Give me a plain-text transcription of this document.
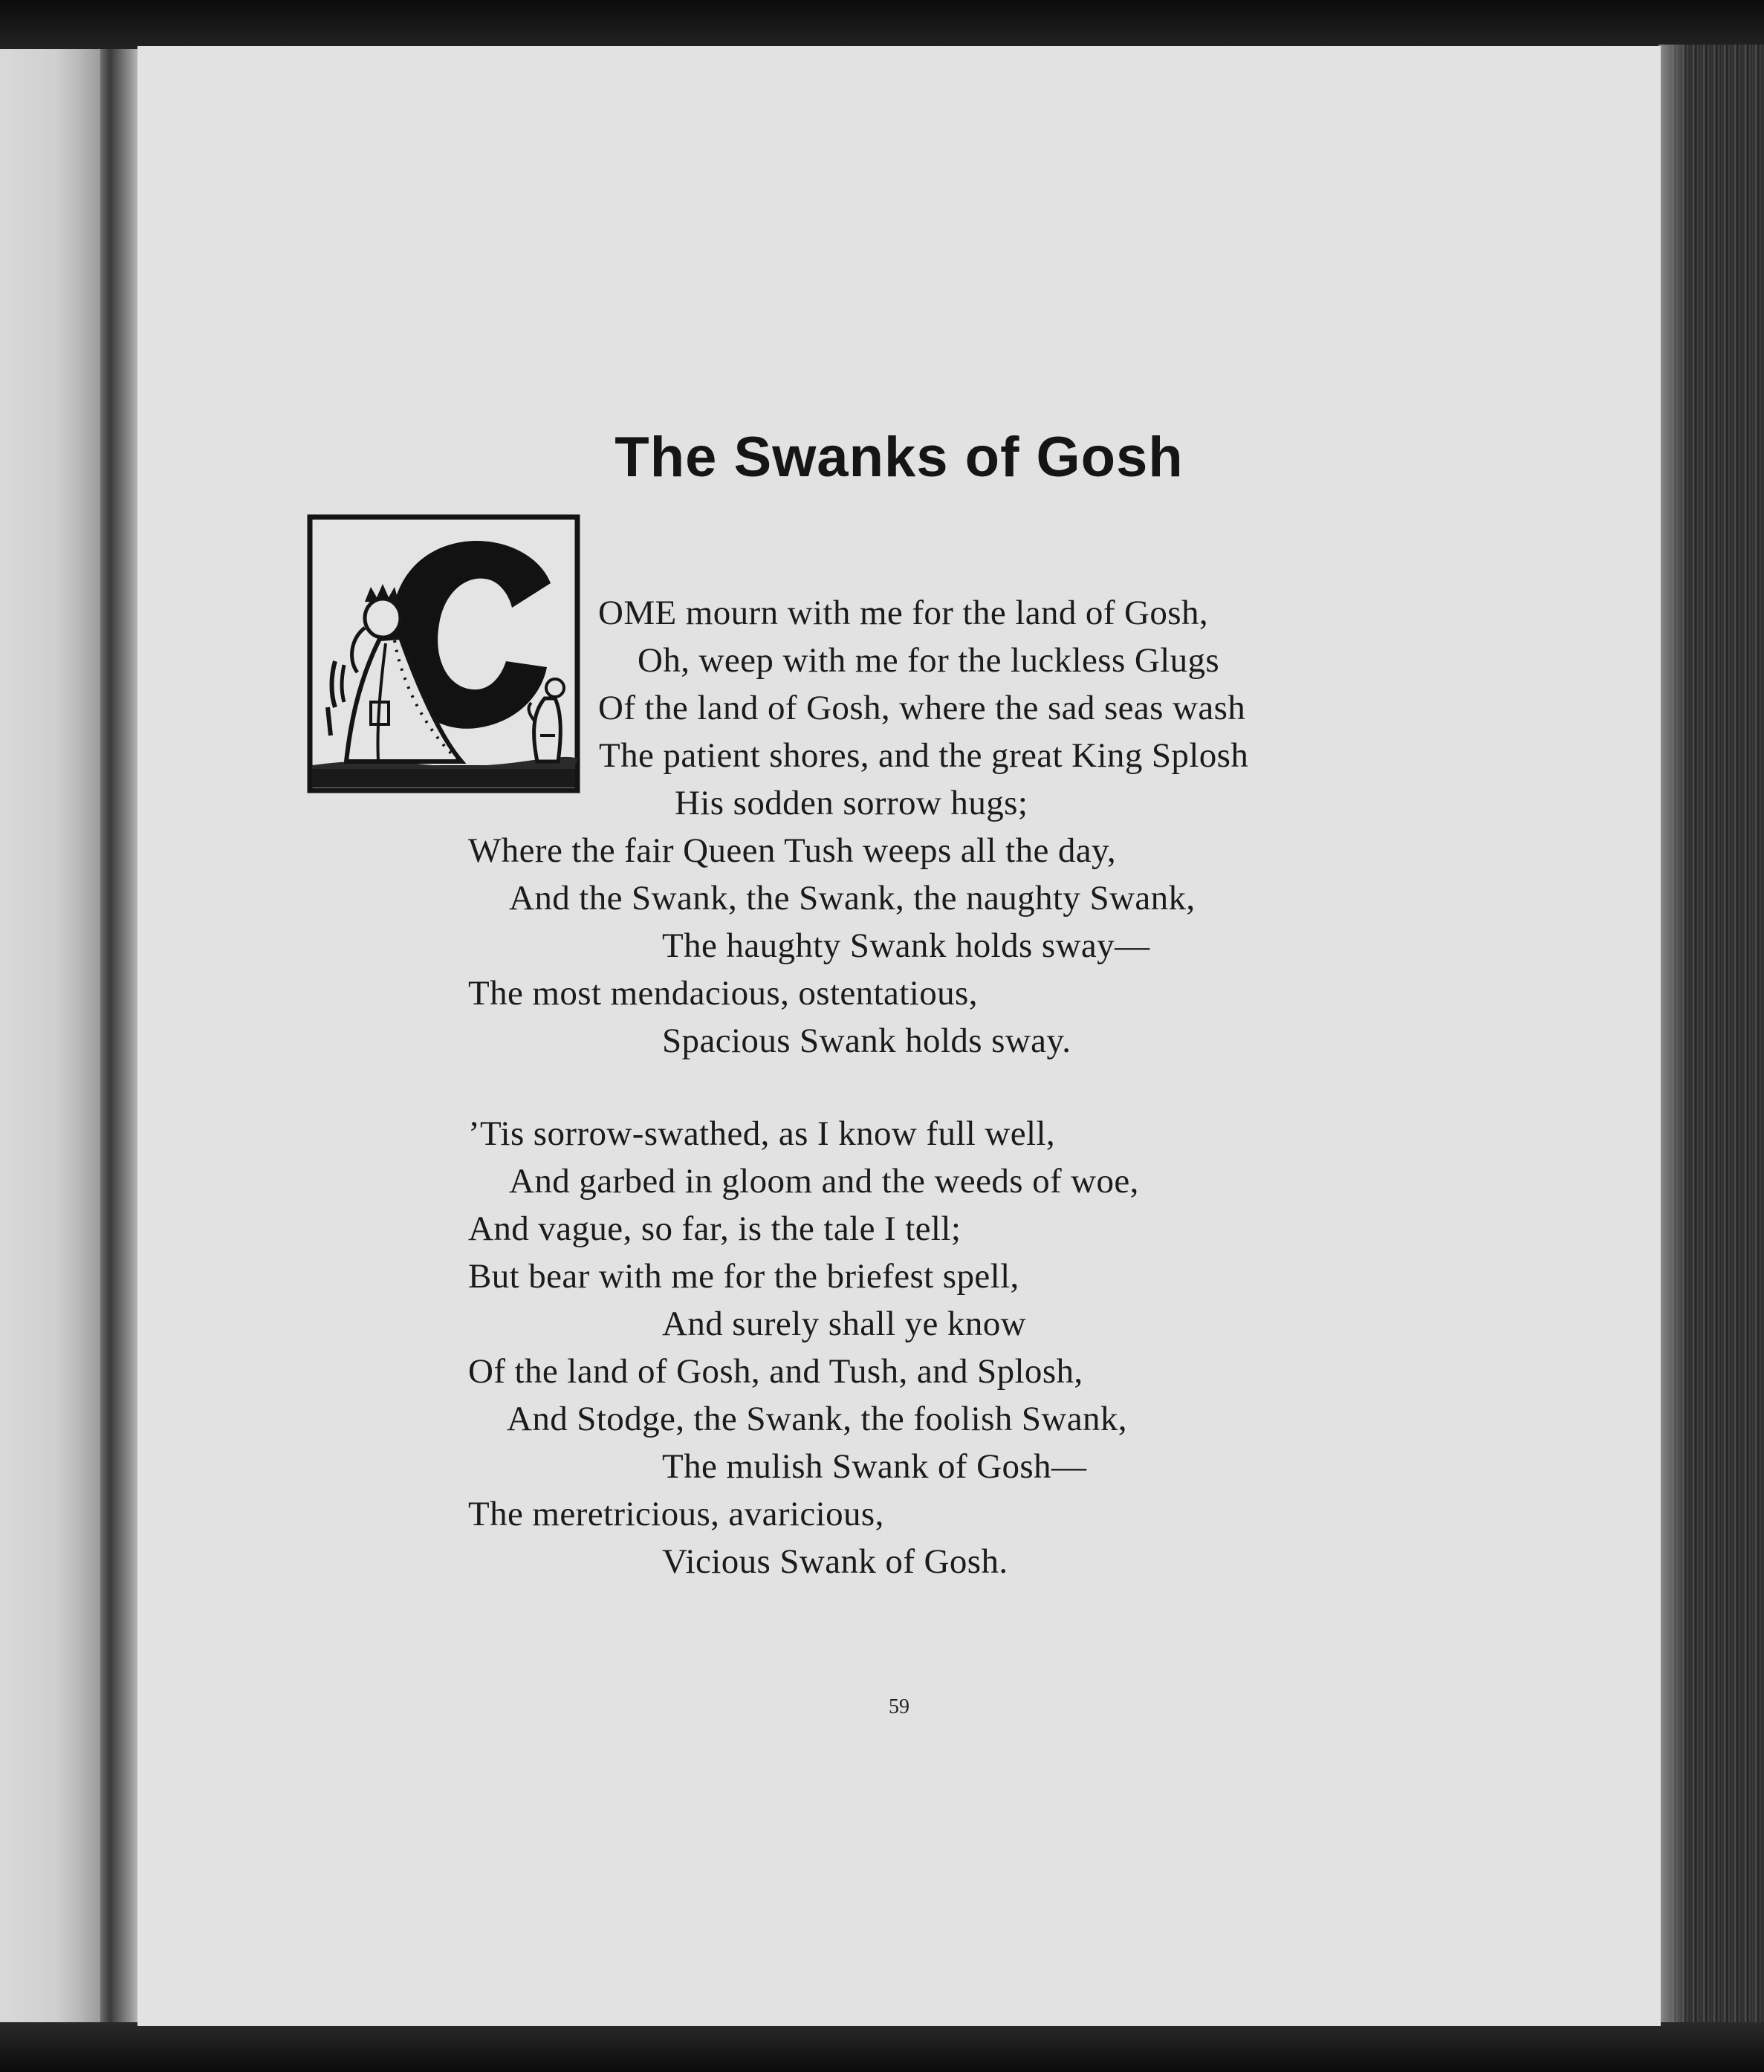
The Swanks of Gosh
OME mourn with me for the land of Gosh,
Oh, weep with me for the luckless Glugs
Of the land of Gosh, where the sad seas wash
The patient shores, and the great King Splosh
His sodden sorrow hugs;
Where the fair Queen Tush weeps all the day,
And the Swank, the Swank, the naughty Swank,
The haughty Swank holds sway—
The most mendacious, ostentatious,
Spacious Swank holds sway.
’Tis sorrow-swathed, as I know full well,
And garbed in gloom and the weeds of woe,
And vague, so far, is the tale I tell;
But bear with me for the briefest spell,
And surely shall ye know
Of the land of Gosh, and Tush, and Splosh,
And Stodge, the Swank, the foolish Swank,
The mulish Swank of Gosh—
The meretricious, avaricious,
Vicious Swank of Gosh.
59
